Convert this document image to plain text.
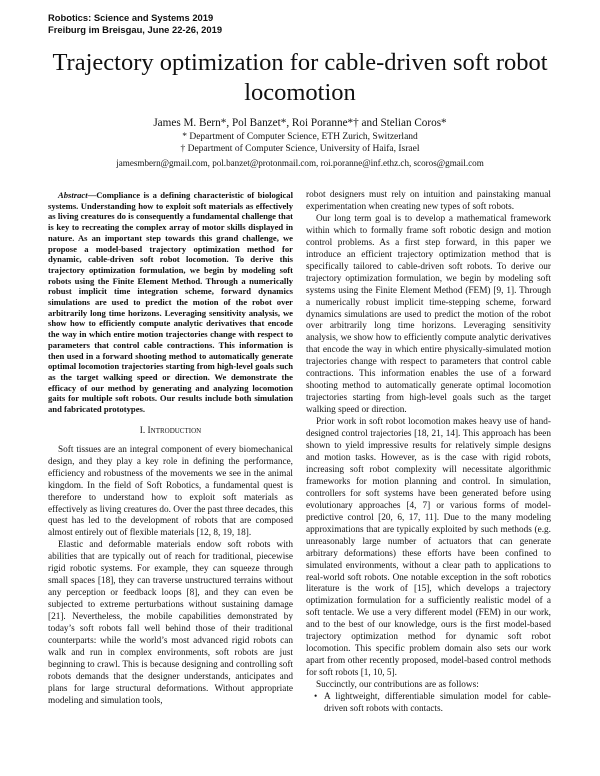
Robotics: Science and Systems 2019
Freiburg im Breisgau, June 22-26, 2019
Trajectory optimization for cable-driven soft robot
locomotion
James M. Bern*, Pol Banzet*, Roi Poranne*† and Stelian Coros*
* Department of Computer Science, ETH Zurich, Switzerland
† Department of Computer Science, University of Haifa, Israel
jamesmbern@gmail.com, pol.banzet@protonmail.com, roi.poranne@inf.ethz.ch, scoros@gmail.com

Abstract—Compliance is a defining characteristic of biological systems. Understanding how to exploit soft materials as effectively as living creatures do is consequently a fundamental challenge that is key to recreating the complex array of motor skills displayed in nature. As an important step towards this grand challenge, we propose a model-based trajectory optimization method for dynamic, cable-driven soft robot locomotion. To derive this trajectory optimization formulation, we begin by modeling soft robots using the Finite Element Method. Through a numerically robust implicit time integration scheme, forward dynamics simulations are used to predict the motion of the robot over arbitrarily long time horizons. Leveraging sensitivity analysis, we show how to efficiently compute analytic derivatives that encode the way in which entire motion trajectories change with respect to parameters that control cable contractions. This information is then used in a forward shooting method to automatically generate optimal locomotion trajectories starting from high-level goals such as the target walking speed or direction. We demonstrate the efficacy of our method by generating and analyzing locomotion gaits for multiple soft robots. Our results include both simulation and fabricated prototypes.

I. Introduction

Soft tissues are an integral component of every biomechanical design, and they play a key role in defining the performance, efficiency and robustness of the movements we see in the animal kingdom. In the field of Soft Robotics, a fundamental quest is therefore to understand how to exploit soft materials as effectively as living creatures do. Over the past three decades, this quest has led to the development of robots that are composed almost entirely out of flexible materials [12, 8, 19, 18].

Elastic and deformable materials endow soft robots with abilities that are typically out of reach for traditional, piecewise rigid robotic systems. For example, they can squeeze through small spaces [18], they can traverse unstructured terrains without any perception or feedback loops [8], and they can even be subjected to extreme perturbations without sustaining damage [21]. Nevertheless, the mobile capabilities demonstrated by today’s soft robots fall well behind those of their traditional counterparts: while the world’s most advanced rigid robots can walk and run in complex environments, soft robots are just beginning to crawl. This is because designing and controlling soft robots demands that the designer understands, anticipates and plans for large structural deformations. Without appropriate modeling and simulation tools,

robot designers must rely on intuition and painstaking manual experimentation when creating new types of soft robots.

Our long term goal is to develop a mathematical framework within which to formally frame soft robotic design and motion control problems. As a first step forward, in this paper we introduce an efficient trajectory optimization method that is specifically tailored to cable-driven soft robots. To derive our trajectory optimization formulation, we begin by modeling soft systems using the Finite Element Method (FEM) [9, 1]. Through a numerically robust implicit time-stepping scheme, forward dynamics simulations are used to predict the motion of the robot over arbitrarily long time horizons. Leveraging sensitivity analysis, we show how to efficiently compute analytic derivatives that encode the way in which entire physically-simulated motion trajectories change with respect to parameters that control cable contractions. This information enables the use of a forward shooting method to automatically generate optimal locomotion trajectories starting from high-level goals such as the target walking speed or direction.

Prior work in soft robot locomotion makes heavy use of hand-designed control trajectories [18, 21, 14]. This approach has been shown to yield impressive results for relatively simple designs and motion tasks. However, as is the case with rigid robots, increasing soft robot complexity will necessitate algorithmic frameworks for motion planning and control. In simulation, controllers for soft systems have been generated before using evolutionary approaches [4, 7] or various forms of model-predictive control [20, 6, 17, 11]. Due to the many modeling approximations that are typically exploited by such methods (e.g. unreasonably large number of actuators that can generate arbitrary deformations) these efforts have been confined to simulated environments, without a clear path to applications to real-world soft robots. One notable exception in the soft robotics literature is the work of [15], which develops a trajectory optimization formulation for a sufficiently realistic model of a soft tentacle. We use a very different model (FEM) in our work, and to the best of our knowledge, ours is the first model-based trajectory optimization method for dynamic soft robot locomotion. This specific problem domain also sets our work apart from other recently proposed, model-based control methods for soft robots [1, 10, 5].

Succinctly, our contributions are as follows:

• A lightweight, differentiable simulation model for cable-driven soft robots with contacts.
